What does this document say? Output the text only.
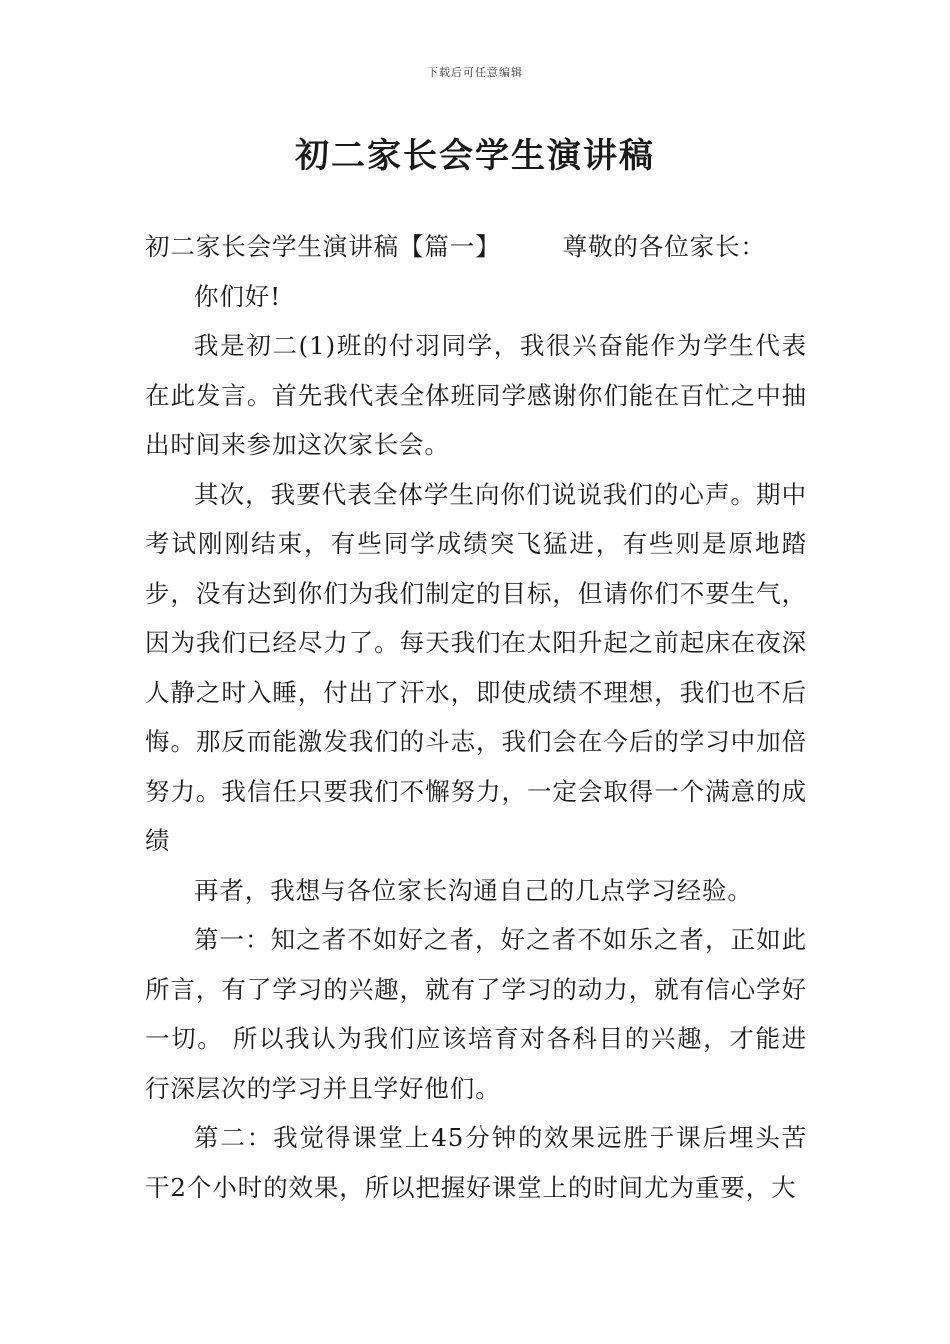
下载后可任意编辑
初二家长会学生演讲稿

初二家长会学生演讲稿【篇一】	尊敬的各位家长：

你们好!

我是初二(1)班的付羽同学，我很兴奋能作为学生代表在此发言。首先我代表全体班同学感谢你们能在百忙之中抽出时间来参加这次家长会。

其次，我要代表全体学生向你们说说我们的心声。期中考试刚刚结束，有些同学成绩突飞猛进，有些则是原地踏步，没有达到你们为我们制定的目标，但请你们不要生气，因为我们已经尽力了。每天我们在太阳升起之前起床在夜深人静之时入睡，付出了汗水，即使成绩不理想，我们也不后悔。那反而能激发我们的斗志，我们会在今后的学习中加倍努力。我信任只要我们不懈努力，一定会取得一个满意的成绩

再者，我想与各位家长沟通自己的几点学习经验。

第一：知之者不如好之者，好之者不如乐之者，正如此所言，有了学习的兴趣，就有了学习的动力，就有信心学好一切。 所以我认为我们应该培育对各科目的兴趣，才能进行深层次的学习并且学好他们。

第二：我觉得课堂上45分钟的效果远胜于课后埋头苦干2个小时的效果，所以把握好课堂上的时间尤为重要，大
